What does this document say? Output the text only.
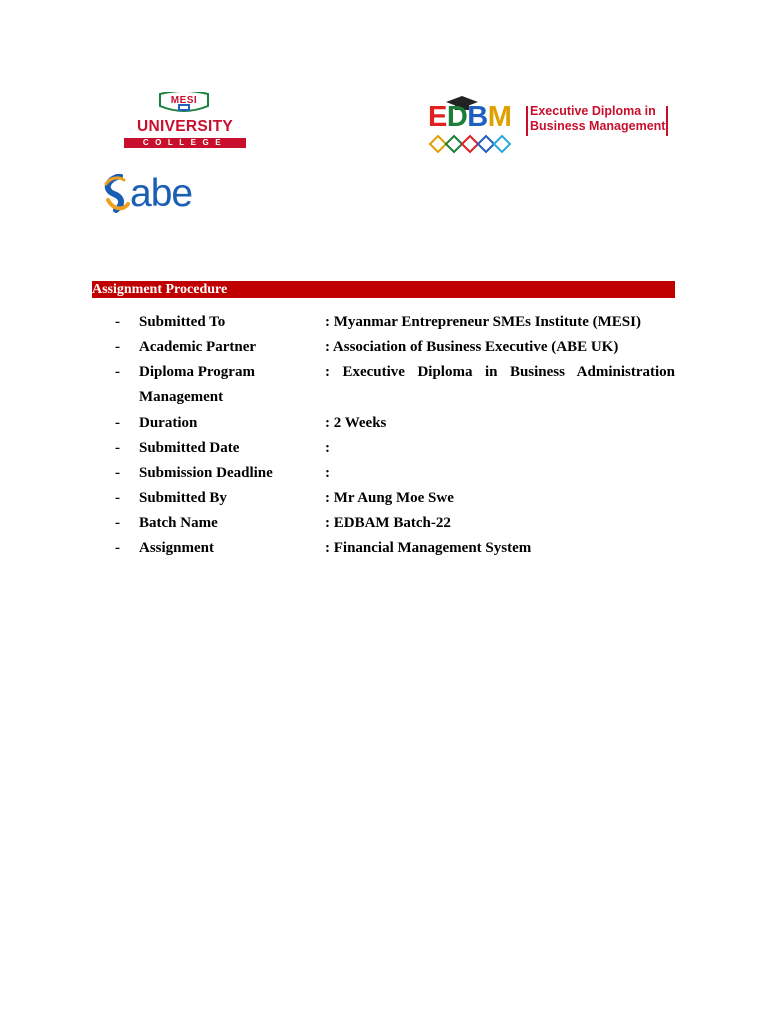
MESI
UNIVERSITY
COLLEGE
abe
EDBM Executive Diploma in
Business Management
Assignment Procedure
-	Submitted To	: Myanmar Entrepreneur SMEs Institute (MESI)
-	Academic Partner	: Association of Business Executive (ABE UK)
-	Diploma Program	: Executive Diploma in Business Administration
Management
-	Duration	: 2 Weeks
-	Submitted Date	:
-	Submission Deadline	:
-	Submitted By	: Mr Aung Moe Swe
-	Batch Name	: EDBAM Batch-22
-	Assignment	: Financial Management System
